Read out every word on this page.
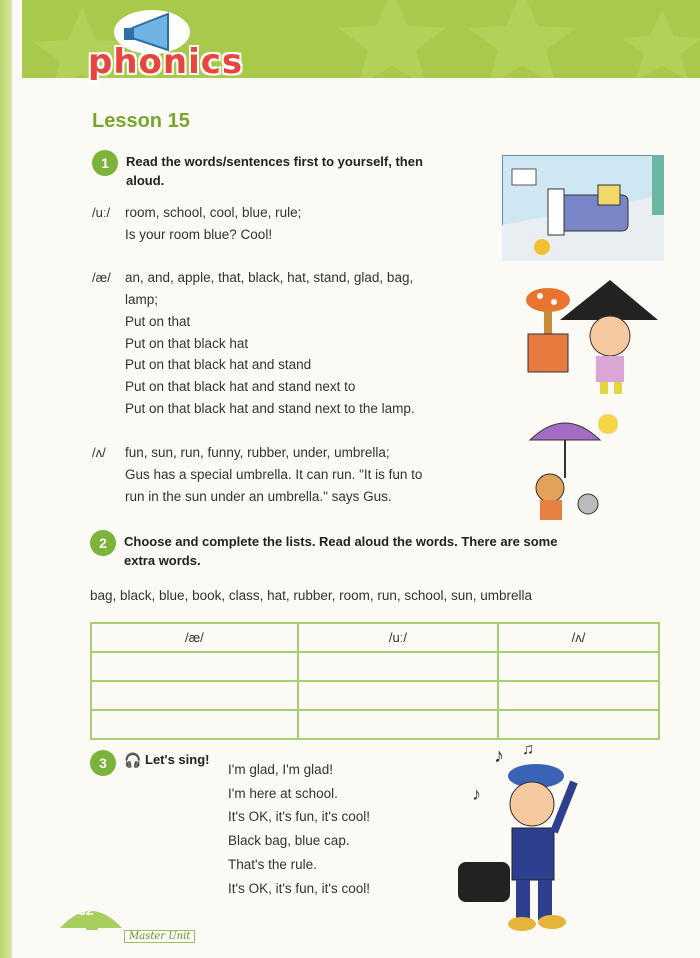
phonics
Lesson 15
1	Read the words/sentences first to yourself, then
aloud.
/uː/ room, school, cool, blue, rule;
Is your room blue? Cool!
/æ/ an, and, apple, that, black, hat, stand, glad, bag,
lamp;
Put on that
Put on that black hat
Put on that black hat and stand
Put on that black hat and stand next to
Put on that black hat and stand next to the lamp.
/ʌ/ fun, sun, run, funny, rubber, under, umbrella;
Gus has a special umbrella. It can run. "It is fun to
run in the sun under an umbrella." says Gus.
2	Choose and complete the lists. Read aloud the words. There are some
extra words.
bag, black, blue, book, class, hat, rubber, room, run, school, sun, umbrella
/æ/	/uː/	/ʌ/

3	🎧 Let's sing!
I'm glad, I'm glad!
I'm here at school.
It's OK, it's fun, it's cool!
Black bag, blue cap.
That's the rule.
It's OK, it's fun, it's cool!
♪ ♫
♪
32
Master Unit
